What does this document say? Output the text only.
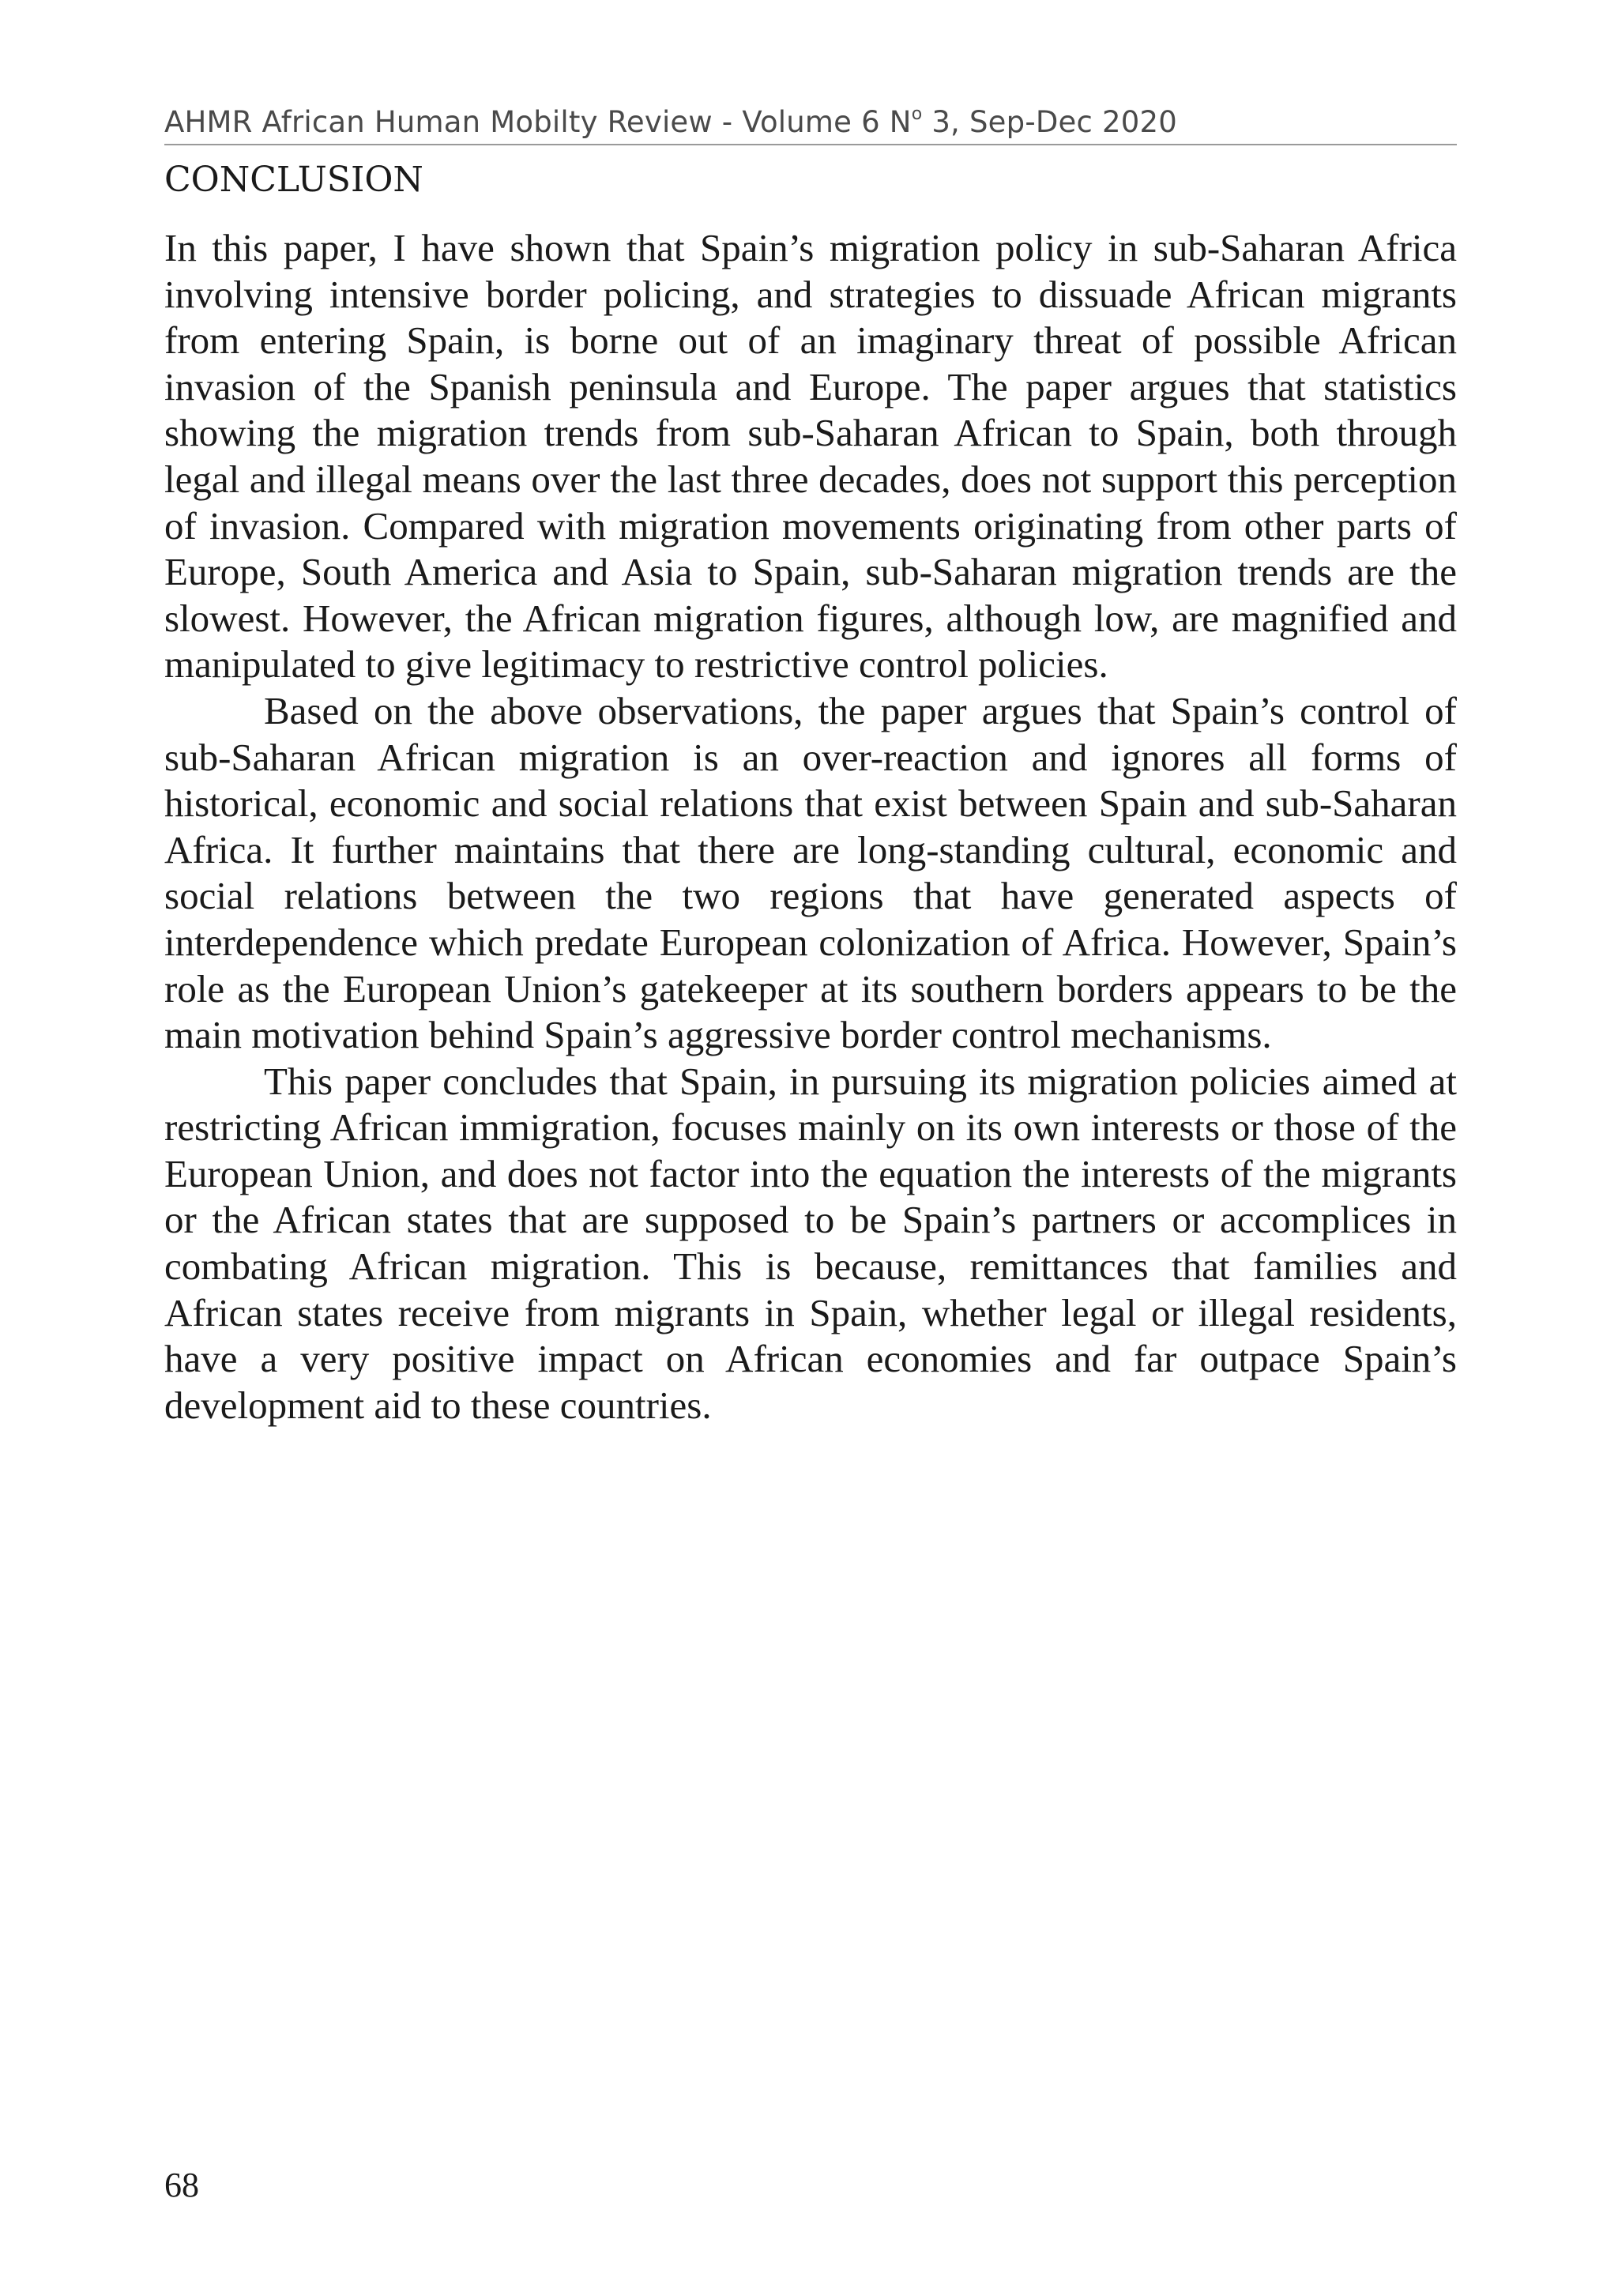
AHMR African Human Mobilty Review - Volume 6 $N^o$ 3, Sep-Dec 2020
CONCLUSION

In this paper, I have shown that Spain’s migration policy in sub-Saharan Africa involving intensive border policing, and strategies to dissuade African migrants from entering Spain, is borne out of an imaginary threat of possible African invasion of the Spanish peninsula and Europe. The paper argues that statistics showing the migration trends from sub-Saharan African to Spain, both through legal and illegal means over the last three decades, does not support this perception of invasion. Compared with migration movements originating from other parts of Europe, South America and Asia to Spain, sub-Saharan migration trends are the slowest. However, the African migration figures, although low, are magnified and manipulated to give legitimacy to restrictive control policies.

Based on the above observations, the paper argues that Spain’s control of sub-Saharan African migration is an over-reaction and ignores all forms of historical, economic and social relations that exist between Spain and sub-Saharan Africa. It further maintains that there are long-standing cultural, economic and social relations between the two regions that have generated aspects of interdependence which predate European colonization of Africa. However, Spain’s role as the European Union’s gatekeeper at its southern borders appears to be the main motivation behind Spain’s aggressive border control mechanisms.

This paper concludes that Spain, in pursuing its migration policies aimed at restricting African immigration, focuses mainly on its own interests or those of the European Union, and does not factor into the equation the interests of the migrants or the African states that are supposed to be Spain’s partners or accomplices in combating African migration. This is because, remittances that families and African states receive from migrants in Spain, whether legal or illegal residents, have a very positive impact on African economies and far outpace Spain’s development aid to these countries.

68
